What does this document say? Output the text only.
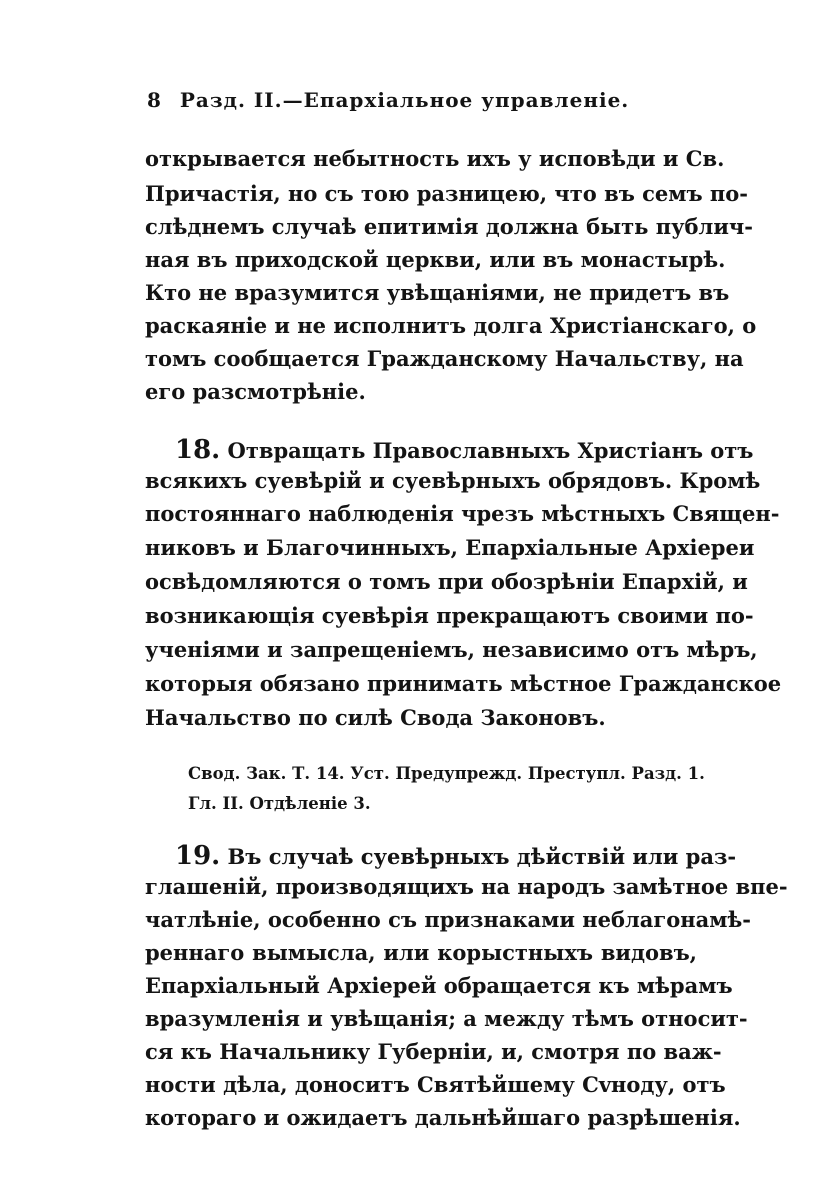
8 Разд. II.—Епархіальное управленіе.
открывается небытность ихъ у исповѣди и Св.
Причастія, но съ тою разницею, что въ семъ по-
слѣднемъ случаѣ епитимія должна быть публич-
ная въ приходской церкви, или въ монастырѣ.
Кто не вразумится увѣщаніями, не придетъ въ
раскаяніе и не исполнитъ долга Христіанскаго, о
томъ сообщается Гражданскому Начальству, на
его разсмотрѣніе.
18. Отвращать Православныхъ Христіанъ отъ
всякихъ суевѣрій и суевѣрныхъ обрядовъ. Кромѣ
постояннаго наблюденія чрезъ мѣстныхъ Священ-
никовъ и Благочинныхъ, Епархіальные Архіереи
освѣдомляются о томъ при обозрѣніи Епархій, и
возникающія суевѣрія прекращаютъ своими по-
ученіями и запрещеніемъ, независимо отъ мѣръ,
которыя обязано принимать мѣстное Гражданское
Начальство по силѣ Свода Законовъ.
Свод. Зак. Т. 14. Уст. Предупрежд. Преступл. Разд. 1.
Гл. II. Отдѣленіе 3.
19. Въ случаѣ суевѣрныхъ дѣйствій или раз-
глашеній, производящихъ на народъ замѣтное впе-
чатлѣніе, особенно съ признаками неблагонамѣ-
реннаго вымысла, или корыстныхъ видовъ,
Епархіальный Архіерей обращается къ мѣрамъ
вразумленія и увѣщанія; а между тѣмъ относит-
ся къ Начальнику Губерніи, и, смотря по важ-
ности дѣла, доноситъ Святѣйшему Сvноду, отъ
котораго и ожидаетъ дальнѣйшаго разрѣшенія.
